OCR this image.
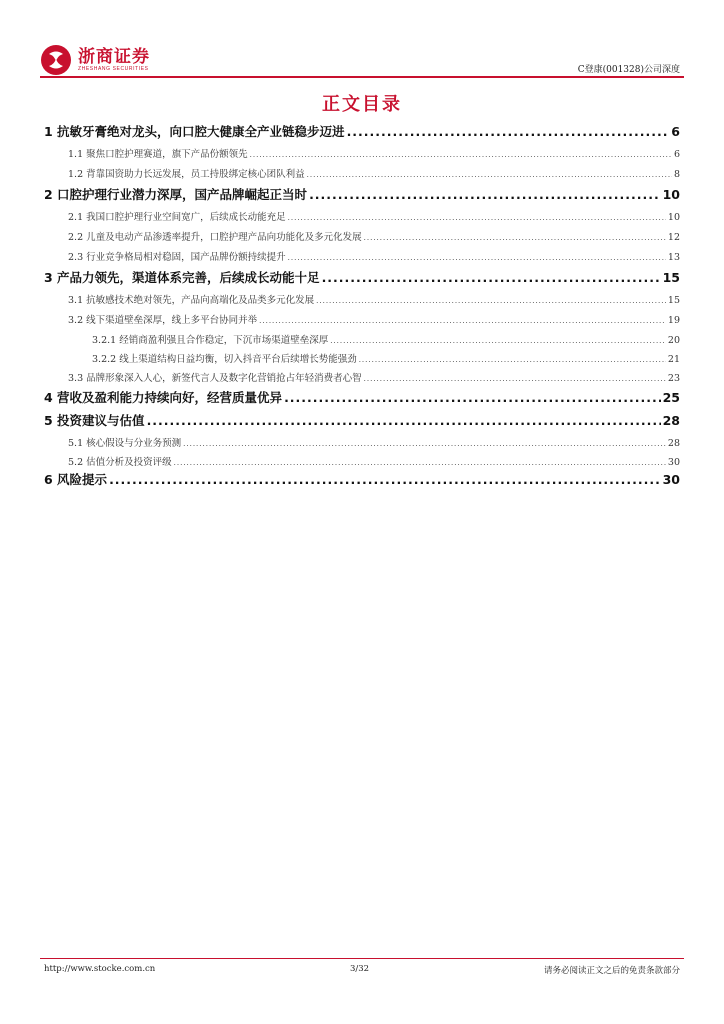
浙商证券
ZHESHANG SECURITIES	C登康(001328)公司深度
正文目录
1 抗敏牙膏绝对龙头，向口腔大健康全产业链稳步迈进 .....	6
1.1 聚焦口腔护理赛道，旗下产品份额领先 .....	6
1.2 背靠国资助力长远发展，员工持股绑定核心团队利益 .....	8
2 口腔护理行业潜力深厚，国产品牌崛起正当时 .....	10
2.1 我国口腔护理行业空间宽广，后续成长动能充足 .....	10
2.2 儿童及电动产品渗透率提升，口腔护理产品向功能化及多元化发展 .....	12
2.3 行业竞争格局相对稳固，国产品牌份额持续提升 .....	13
3 产品力领先，渠道体系完善，后续成长动能十足 .....	15
3.1 抗敏感技术绝对领先，产品向高端化及品类多元化发展 .....	15
3.2 线下渠道壁垒深厚，线上多平台协同并举 .....	19
3.2.1 经销商盈利强且合作稳定，下沉市场渠道壁垒深厚 .....	20
3.2.2 线上渠道结构日益均衡，切入抖音平台后续增长势能强劲 .....	21
3.3 品牌形象深入人心，新签代言人及数字化营销抢占年轻消费者心智 .....	23
4 营收及盈利能力持续向好，经营质量优异 .....	25
5 投资建议与估值 .....	28
5.1 核心假设与分业务预测 .....	28
5.2 估值分析及投资评级 .....	30
6 风险提示 .....	30
http://www.stocke.com.cn	3/32	请务必阅读正文之后的免责条款部分
